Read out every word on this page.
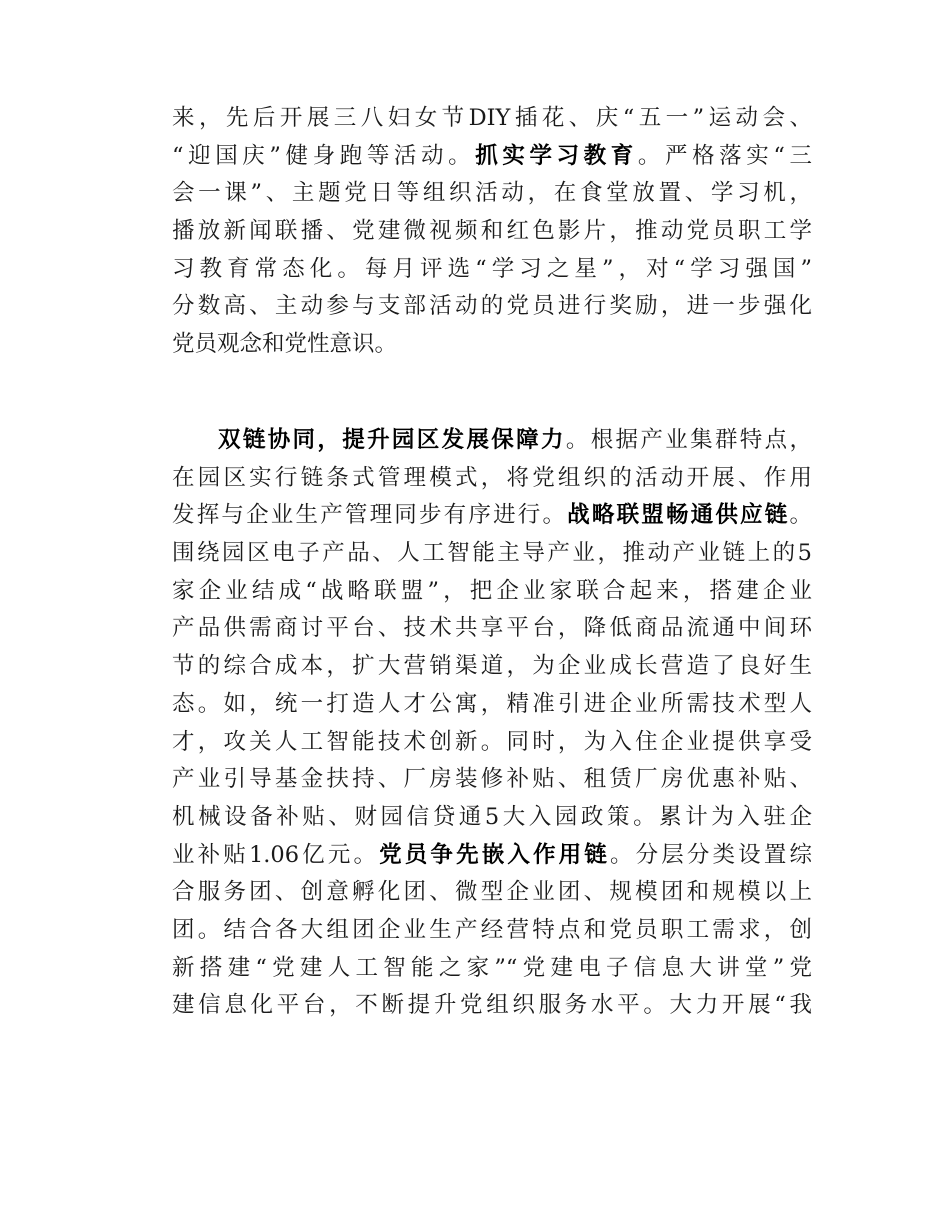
来，先后开展三八妇女节DIY插花、庆“五一”运动会、
“迎国庆”健身跑等活动。抓实学习教育。严格落实“三
会一课”、主题党日等组织活动，在食堂放置、学习机，
播放新闻联播、党建微视频和红色影片，推动党员职工学
习教育常态化。每月评选“学习之星”，对“学习强国”
分数高、主动参与支部活动的党员进行奖励，进一步强化
党员观念和党性意识。
双链协同，提升园区发展保障力。根据产业集群特点，
在园区实行链条式管理模式，将党组织的活动开展、作用
发挥与企业生产管理同步有序进行。战略联盟畅通供应链。
围绕园区电子产品、人工智能主导产业，推动产业链上的5
家企业结成“战略联盟”，把企业家联合起来，搭建企业
产品供需商讨平台、技术共享平台，降低商品流通中间环
节的综合成本，扩大营销渠道，为企业成长营造了良好生
态。如，统一打造人才公寓，精准引进企业所需技术型人
才，攻关人工智能技术创新。同时，为入住企业提供享受
产业引导基金扶持、厂房装修补贴、租赁厂房优惠补贴、
机械设备补贴、财园信贷通5大入园政策。累计为入驻企
业补贴1.06亿元。党员争先嵌入作用链。分层分类设置综
合服务团、创意孵化团、微型企业团、规模团和规模以上
团。结合各大组团企业生产经营特点和党员职工需求，创
新搭建“党建人工智能之家”“党建电子信息大讲堂”党
建信息化平台，不断提升党组织服务水平。大力开展“我
